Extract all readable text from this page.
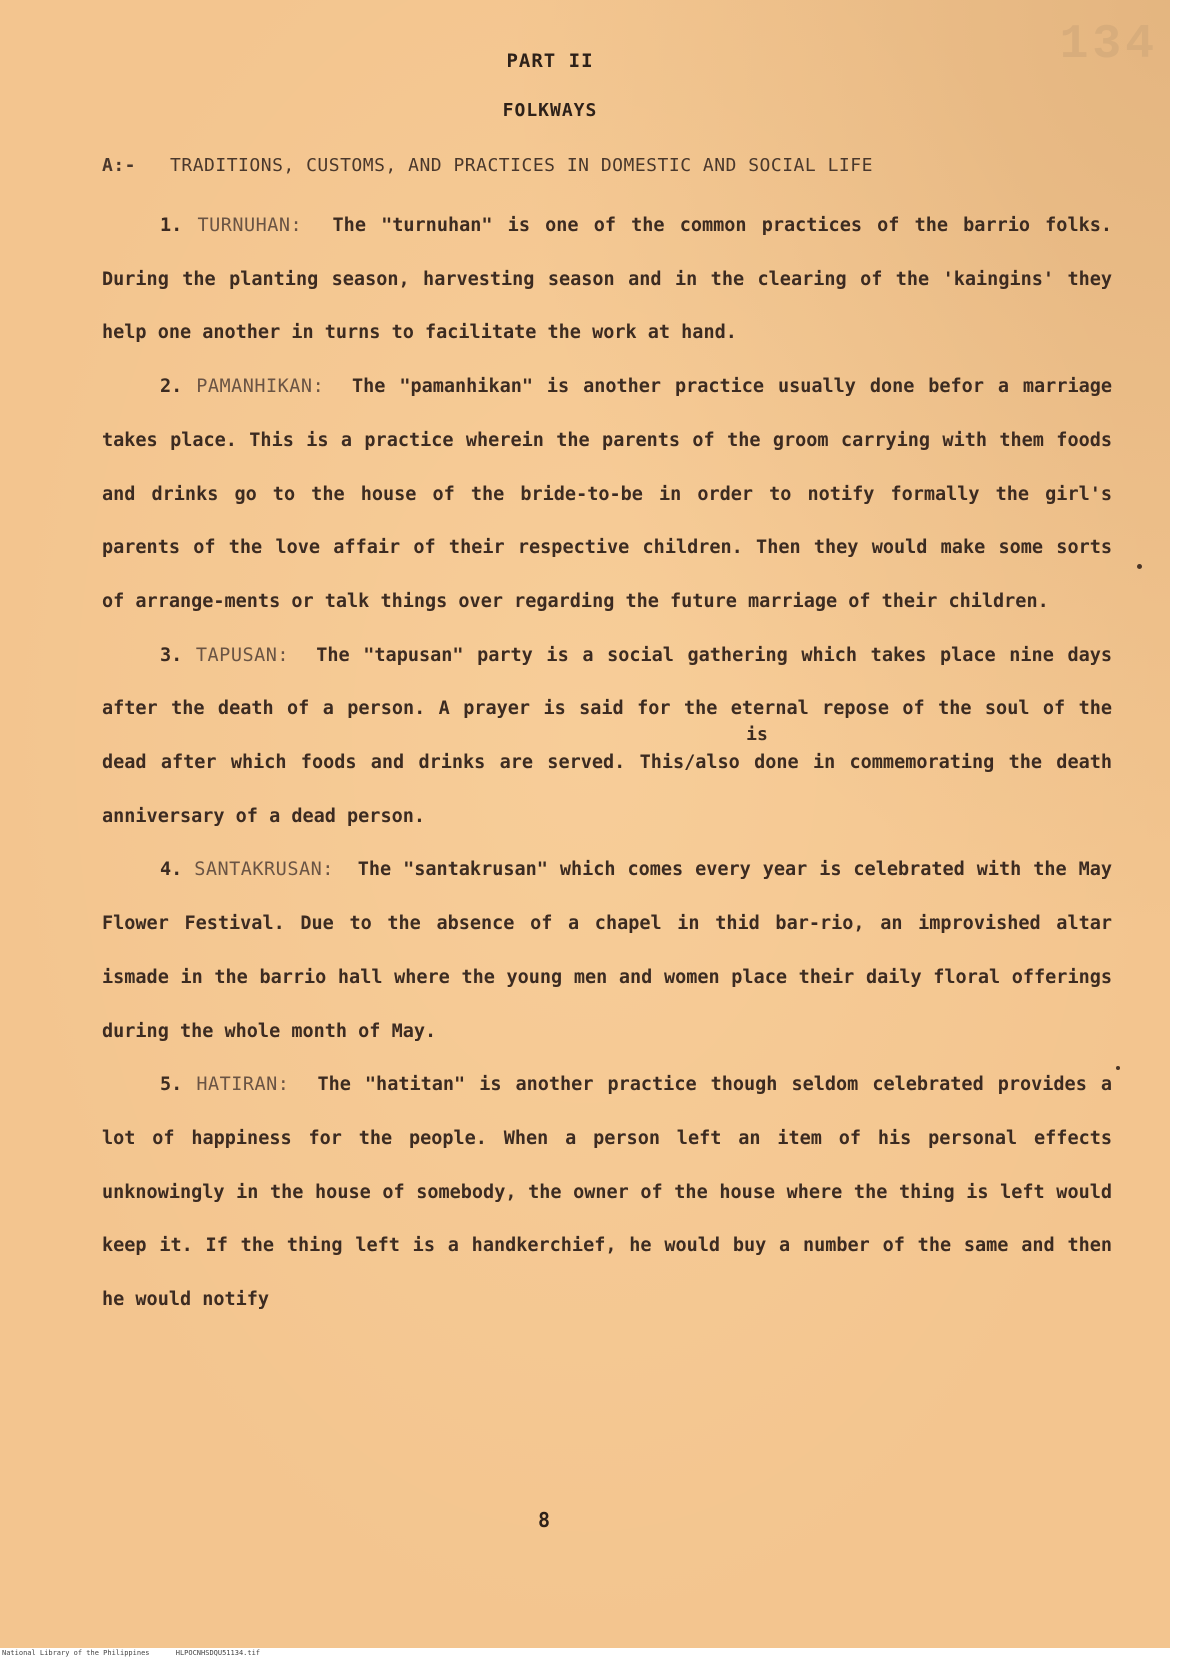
134
PART II
FOLKWAYS
A:- TRADITIONS, CUSTOMS, AND PRACTICES IN DOMESTIC AND SOCIAL LIFE

1. TURNUHAN: The "turnuhan" is one of the common practices of the barrio folks. During the planting season, harvesting season and in the clearing of the 'kaingins' they help one another in turns to facilitate the work at hand.

2. PAMANHIKAN: The "pamanhikan" is another practice usually done befor a marriage takes place. This is a practice wherein the parents of the groom carrying with them foods and drinks go to the house of the bride-to-be in order to notify formally the girl's parents of the love affair of their respective children. Then they would make some sorts of arrange-ments or talk things over regarding the future marriage of their children.

3. TAPUSAN: The "tapusan" party is a social gathering which takes place nine days after the death of a person. A prayer is said for the eternal repose of the soul of the dead after which foods and drinks are served. This
is
/also done in commemorating the death anniversary of a dead person.

4. SANTAKRUSAN: The "santakrusan" which comes every year is celebrated with the May Flower Festival. Due to the absence of a chapel in thid bar-rio, an improvished altar ismade in the barrio hall where the young men and women place their daily floral offerings during the whole month of May.

5. HATIRAN: The "hatitan" is another practice though seldom celebrated provides a lot of happiness for the people. When a person left an item of his personal effects unknowingly in the house of somebody, the owner of the house where the thing is left would keep it. If the thing left is a handkerchief, he would buy a number of the same and then he would notify

8
National Library of the Philippines	HLPOCNHSDQU51134.tif
